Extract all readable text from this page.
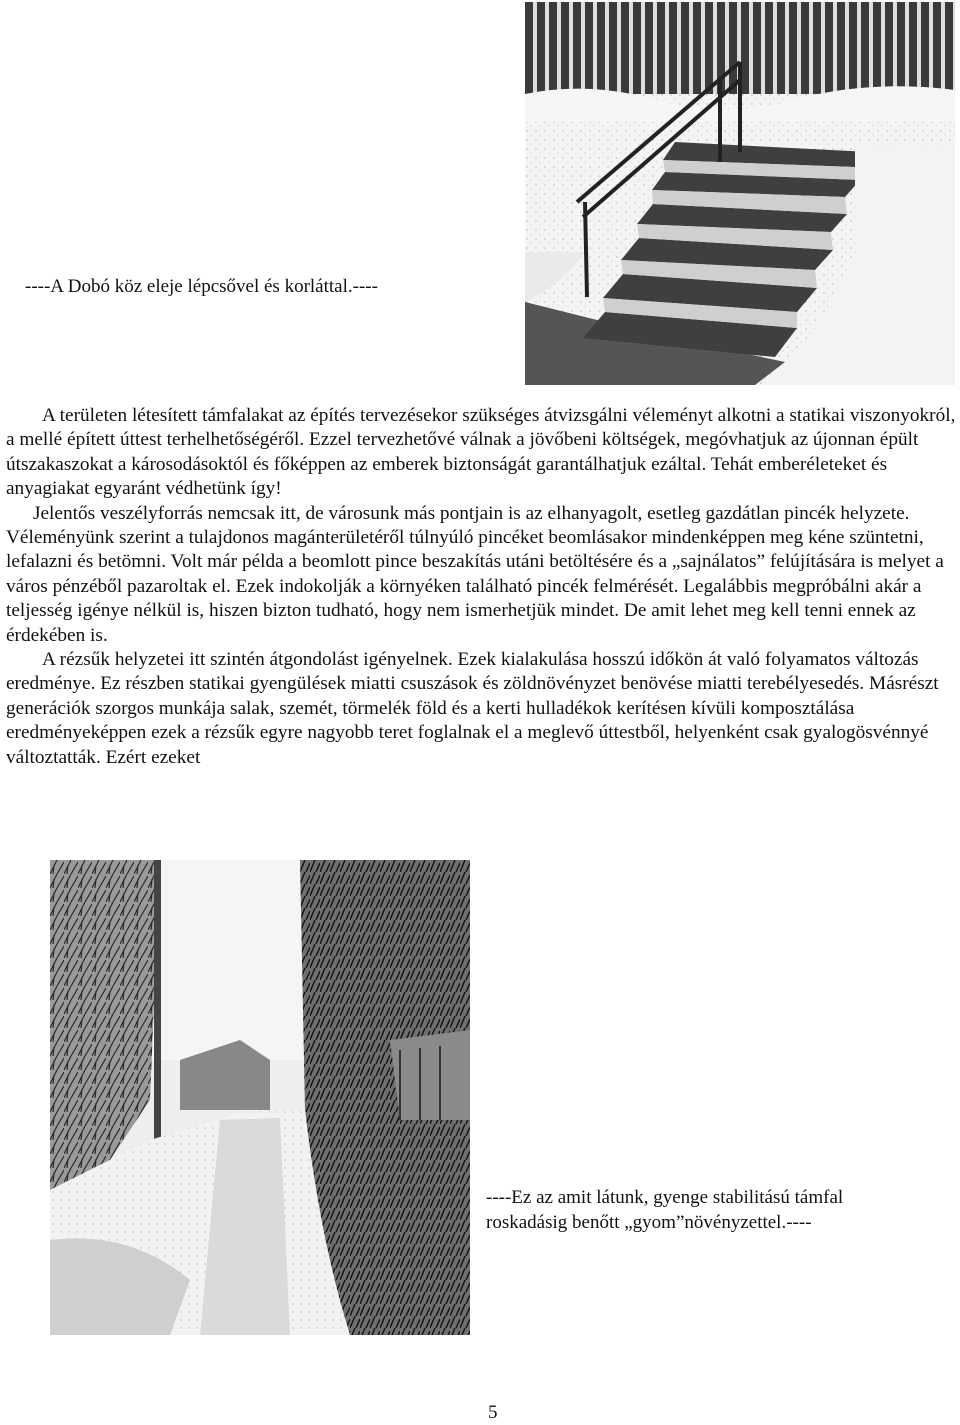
----A Dobó köz eleje lépcsővel és korláttal.----

A területen létesített támfalakat az építés tervezésekor szükséges átvizsgálni véleményt alkotni a statikai viszonyokról, a mellé épített úttest terhelhetőségéről. Ezzel tervezhetővé válnak a jövőbeni költségek, megóvhatjuk az újonnan épült útszakaszokat a károsodásoktól és főképpen az emberek biztonságát garantálhatjuk ezáltal. Tehát emberéleteket és anyagiakat egyaránt védhetünk így!

Jelentős veszélyforrás nemcsak itt, de városunk más pontjain is az elhanyagolt, esetleg gazdátlan pincék helyzete. Véleményünk szerint a tulajdonos magánterületéről túlnyúló pincéket beomlásakor mindenképpen meg kéne szüntetni, lefalazni és betömni. Volt már példa a beomlott pince beszakítás utáni betöltésére és a „sajnálatos” felújítására is melyet a város pénzéből pazaroltak el. Ezek indokolják a környéken található pincék felmérését. Legalábbis megpróbálni akár a teljesség igénye nélkül is, hiszen bizton tudható, hogy nem ismerhetjük mindet. De amit lehet meg kell tenni ennek az érdekében is.

A rézsűk helyzetei itt szintén átgondolást igényelnek. Ezek kialakulása hosszú időkön át való folyamatos változás eredménye. Ez részben statikai gyengülések miatti csuszások és zöldnövényzet benövése miatti terebélyesedés. Másrészt generációk szorgos munkája salak, szemét, törmelék föld és a kerti hulladékok kerítésen kívüli komposztálása eredményeképpen ezek a rézsűk egyre nagyobb teret foglalnak el a meglevő úttestből, helyenként csak gyalogösvénnyé változtatták. Ezért ezeket

----Ez az amit látunk, gyenge stabilitású támfal
roskadásig benőtt „gyom”növényzettel.----
5
